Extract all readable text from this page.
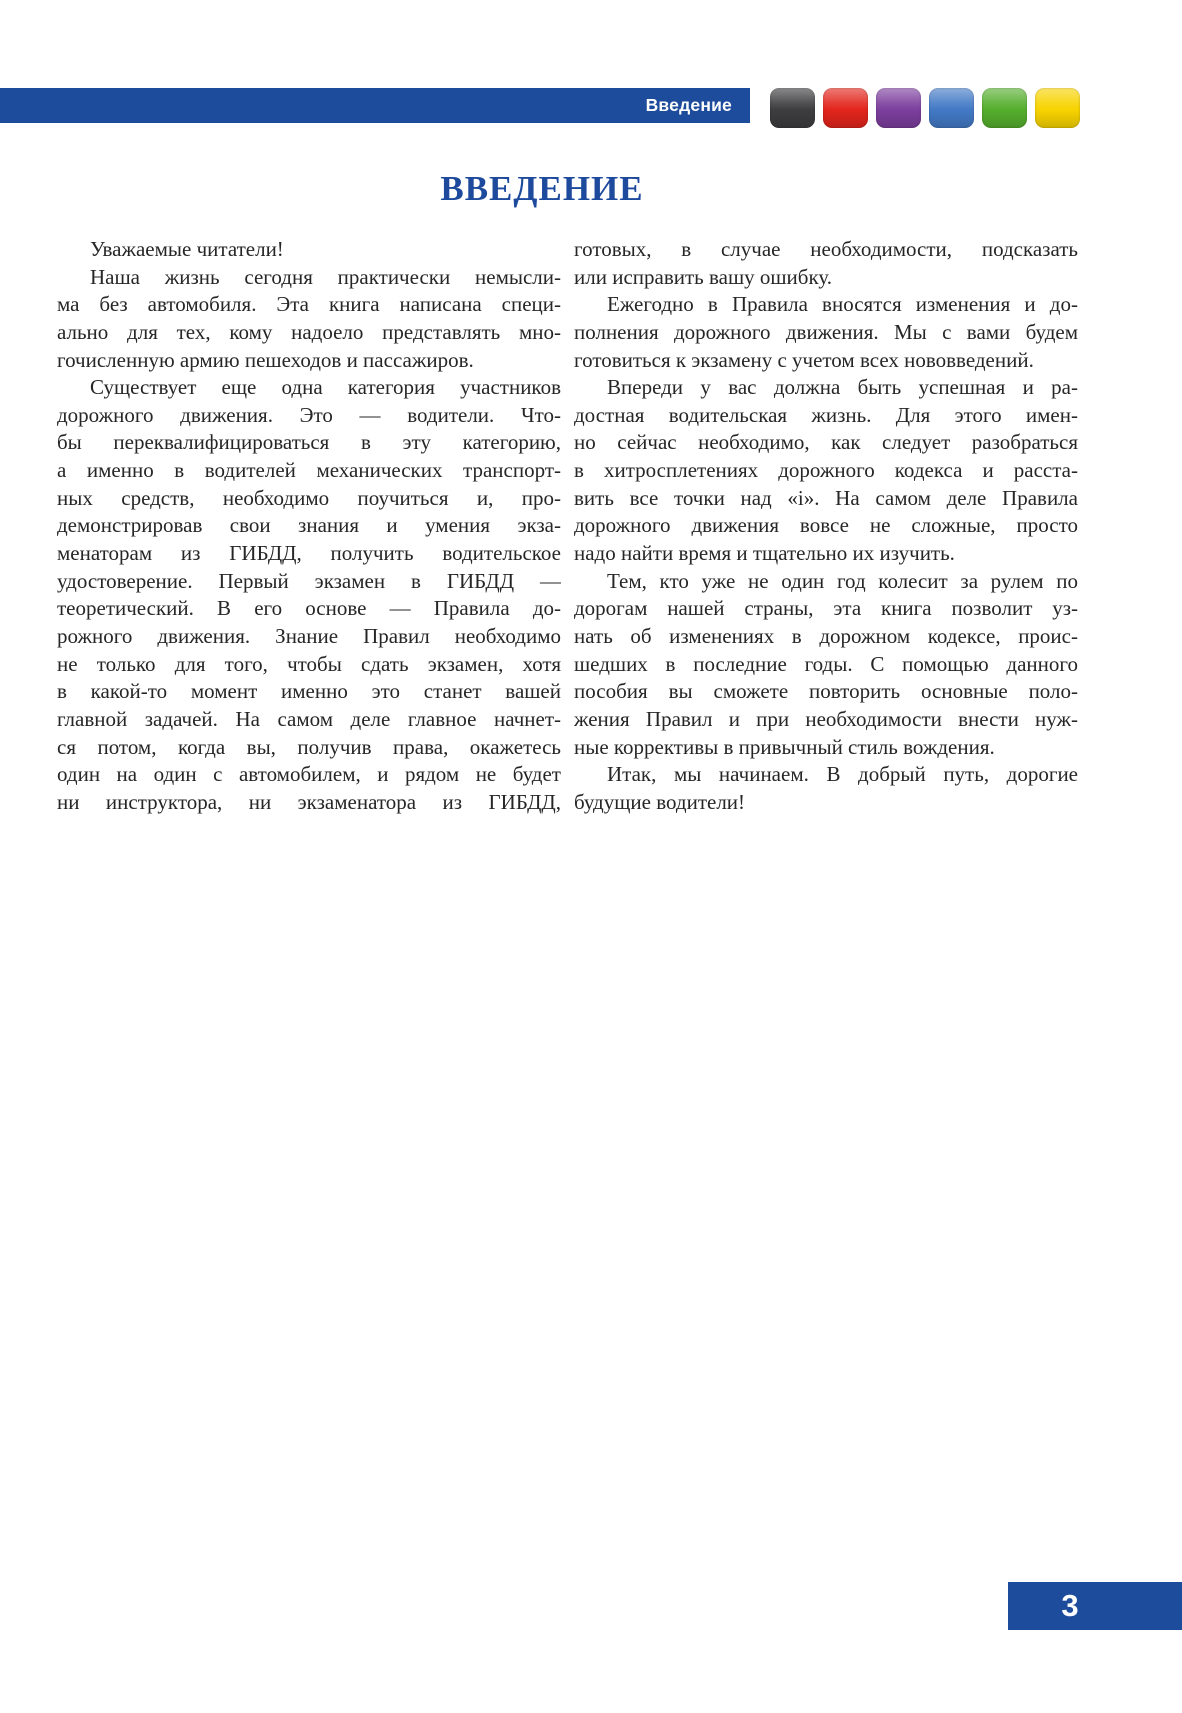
Введение
ВВЕДЕНИЕ
Уважаемые читатели!
Наша жизнь сегодня практически немысли-
ма без автомобиля. Эта книга написана специ-
ально для тех, кому надоело представлять мно-
гочисленную армию пешеходов и пассажиров.
Существует еще одна категория участников
дорожного движения. Это — водители. Что-
бы переквалифицироваться в эту категорию,
а именно в водителей механических транспорт-
ных средств, необходимо поучиться и, про-
демонстрировав свои знания и умения экза-
менаторам из ГИБДД, получить водительское
удостоверение. Первый экзамен в ГИБДД —
теоретический. В его основе — Правила до-
рожного движения. Знание Правил необходимо
не только для того, чтобы сдать экзамен, хотя
в какой-то момент именно это станет вашей
главной задачей. На самом деле главное начнет-
ся потом, когда вы, получив права, окажетесь
один на один с автомобилем, и рядом не будет
ни инструктора, ни экзаменатора из ГИБДД,
готовых, в случае необходимости, подсказать
или исправить вашу ошибку.
Ежегодно в Правила вносятся изменения и до-
полнения дорожного движения. Мы с вами будем
готовиться к экзамену с учетом всех нововведений.
Впереди у вас должна быть успешная и ра-
достная водительская жизнь. Для этого имен-
но сейчас необходимо, как следует разобраться
в хитросплетениях дорожного кодекса и расста-
вить все точки над «i». На самом деле Правила
дорожного движения вовсе не сложные, просто
надо найти время и тщательно их изучить.
Тем, кто уже не один год колесит за рулем по
дорогам нашей страны, эта книга позволит уз-
нать об изменениях в дорожном кодексе, проис-
шедших в последние годы. С помощью данного
пособия вы сможете повторить основные поло-
жения Правил и при необходимости внести нуж-
ные коррективы в привычный стиль вождения.
Итак, мы начинаем. В добрый путь, дорогие
будущие водители!
3
